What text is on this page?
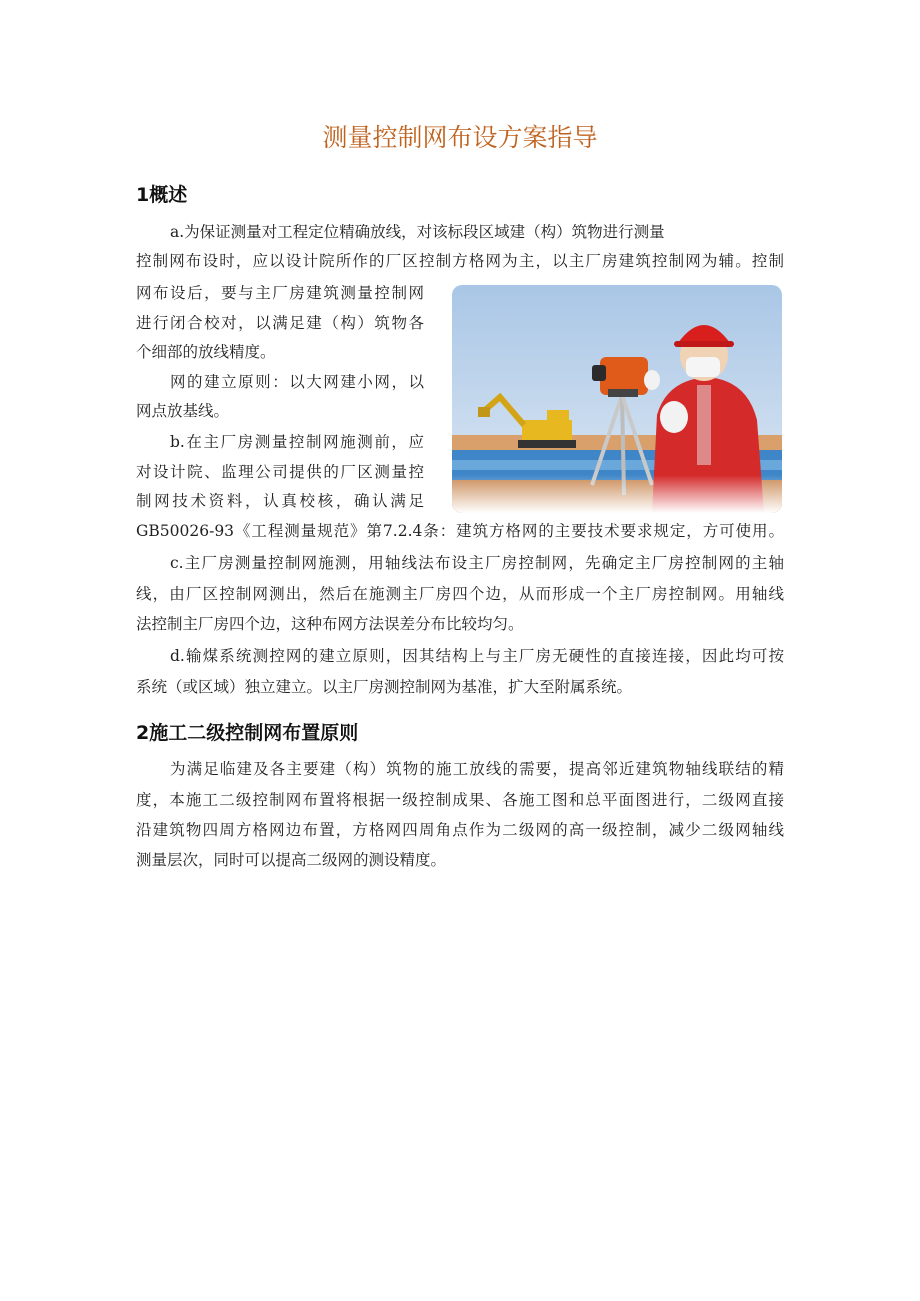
测量控制网布设方案指导
1概述
a.为保证测量对工程定位精确放线，对该标段区域建（构）筑物进行测量
控制网布设时，应以设计院所作的厂区控制方格网为主，以主厂房建筑控制网为辅。控制
网布设后，要与主厂房建筑测量控制网
进行闭合校对，以满足建（构）筑物各
个细部的放线精度。
网的建立原则：以大网建小网，以
网点放基线。
b.在主厂房测量控制网施测前，应
对设计院、监理公司提供的厂区测量控
制网技术资料，认真校核，确认满足
GB50026-93《工程测量规范》第7.2.4条：建筑方格网的主要技术要求规定，方可使用。
c.主厂房测量控制网施测，用轴线法布设主厂房控制网，先确定主厂房控制网的主轴
线，由厂区控制网测出，然后在施测主厂房四个边，从而形成一个主厂房控制网。用轴线
法控制主厂房四个边，这种布网方法误差分布比较均匀。
d.输煤系统测控网的建立原则，因其结构上与主厂房无硬性的直接连接，因此均可按
系统（或区域）独立建立。以主厂房测控制网为基准，扩大至附属系统。
2施工二级控制网布置原则
为满足临建及各主要建（构）筑物的施工放线的需要，提高邻近建筑物轴线联结的精
度，本施工二级控制网布置将根据一级控制成果、各施工图和总平面图进行，二级网直接
沿建筑物四周方格网边布置，方格网四周角点作为二级网的高一级控制，减少二级网轴线
测量层次，同时可以提高二级网的测设精度。
